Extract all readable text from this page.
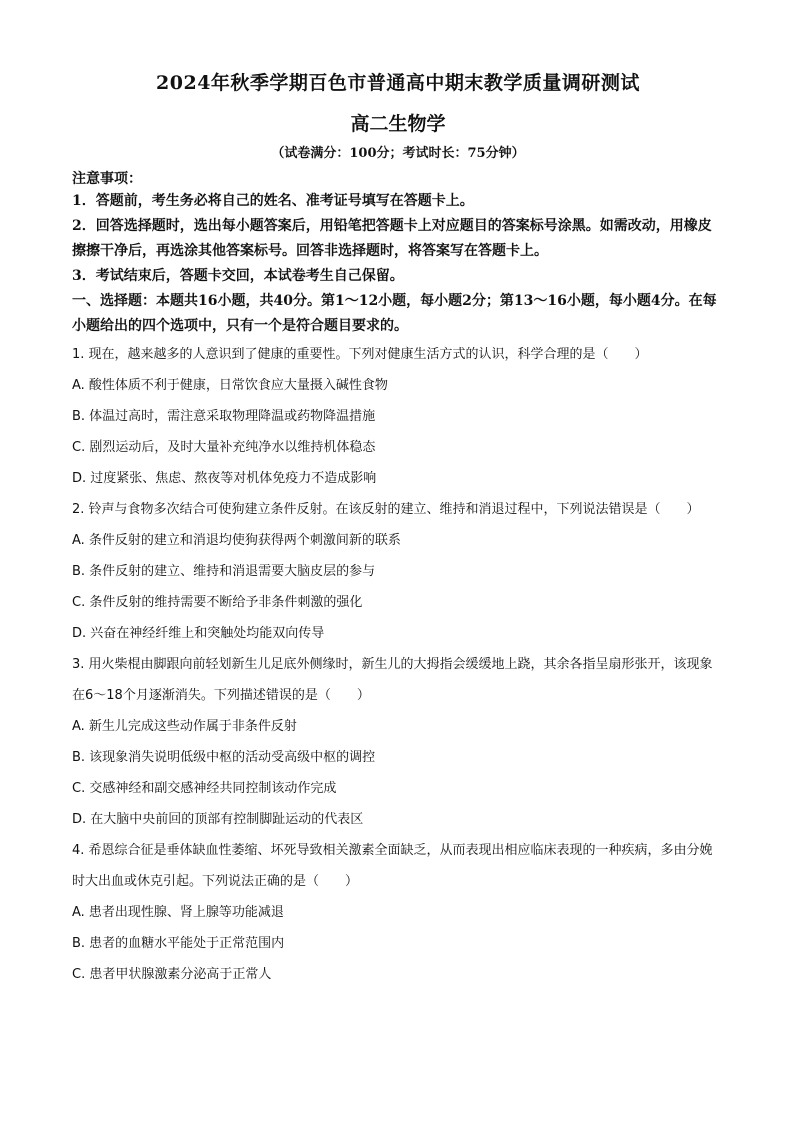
2024年秋季学期百色市普通高中期末教学质量调研测试
高二生物学

（试卷满分：100分；考试时长：75分钟）

注意事项：

1．答题前，考生务必将自己的姓名、准考证号填写在答题卡上。

2．回答选择题时，选出每小题答案后，用铅笔把答题卡上对应题目的答案标号涂黑。如需改动，用橡皮擦擦干净后，再选涂其他答案标号。回答非选择题时，将答案写在答题卡上。

3．考试结束后，答题卡交回，本试卷考生自己保留。

一、选择题：本题共16小题，共40分。第1～12小题，每小题2分；第13～16小题，每小题4分。在每小题给出的四个选项中，只有一个是符合题目要求的。

1. 现在，越来越多的人意识到了健康的重要性。下列对健康生活方式的认识，科学合理的是（　　）

A. 酸性体质不利于健康，日常饮食应大量摄入碱性食物

B. 体温过高时，需注意采取物理降温或药物降温措施

C. 剧烈运动后，及时大量补充纯净水以维持机体稳态

D. 过度紧张、焦虑、熬夜等对机体免疫力不造成影响

2. 铃声与食物多次结合可使狗建立条件反射。在该反射的建立、维持和消退过程中，下列说法错误是（　　）

A. 条件反射的建立和消退均使狗获得两个刺激间新的联系

B. 条件反射的建立、维持和消退需要大脑皮层的参与

C. 条件反射的维持需要不断给予非条件刺激的强化

D. 兴奋在神经纤维上和突触处均能双向传导

3. 用火柴棍由脚跟向前轻划新生儿足底外侧缘时，新生儿的大拇指会缓缓地上跷，其余各指呈扇形张开，该现象在6～18个月逐渐消失。下列描述错误的是（　　）

A. 新生儿完成这些动作属于非条件反射

B. 该现象消失说明低级中枢的活动受高级中枢的调控

C. 交感神经和副交感神经共同控制该动作完成

D. 在大脑中央前回的顶部有控制脚趾运动的代表区

4. 希恩综合征是垂体缺血性萎缩、坏死导致相关激素全面缺乏，从而表现出相应临床表现的一种疾病，多由分娩时大出血或休克引起。下列说法正确的是（　　）

A. 患者出现性腺、肾上腺等功能减退

B. 患者的血糖水平能处于正常范围内

C. 患者甲状腺激素分泌高于正常人
